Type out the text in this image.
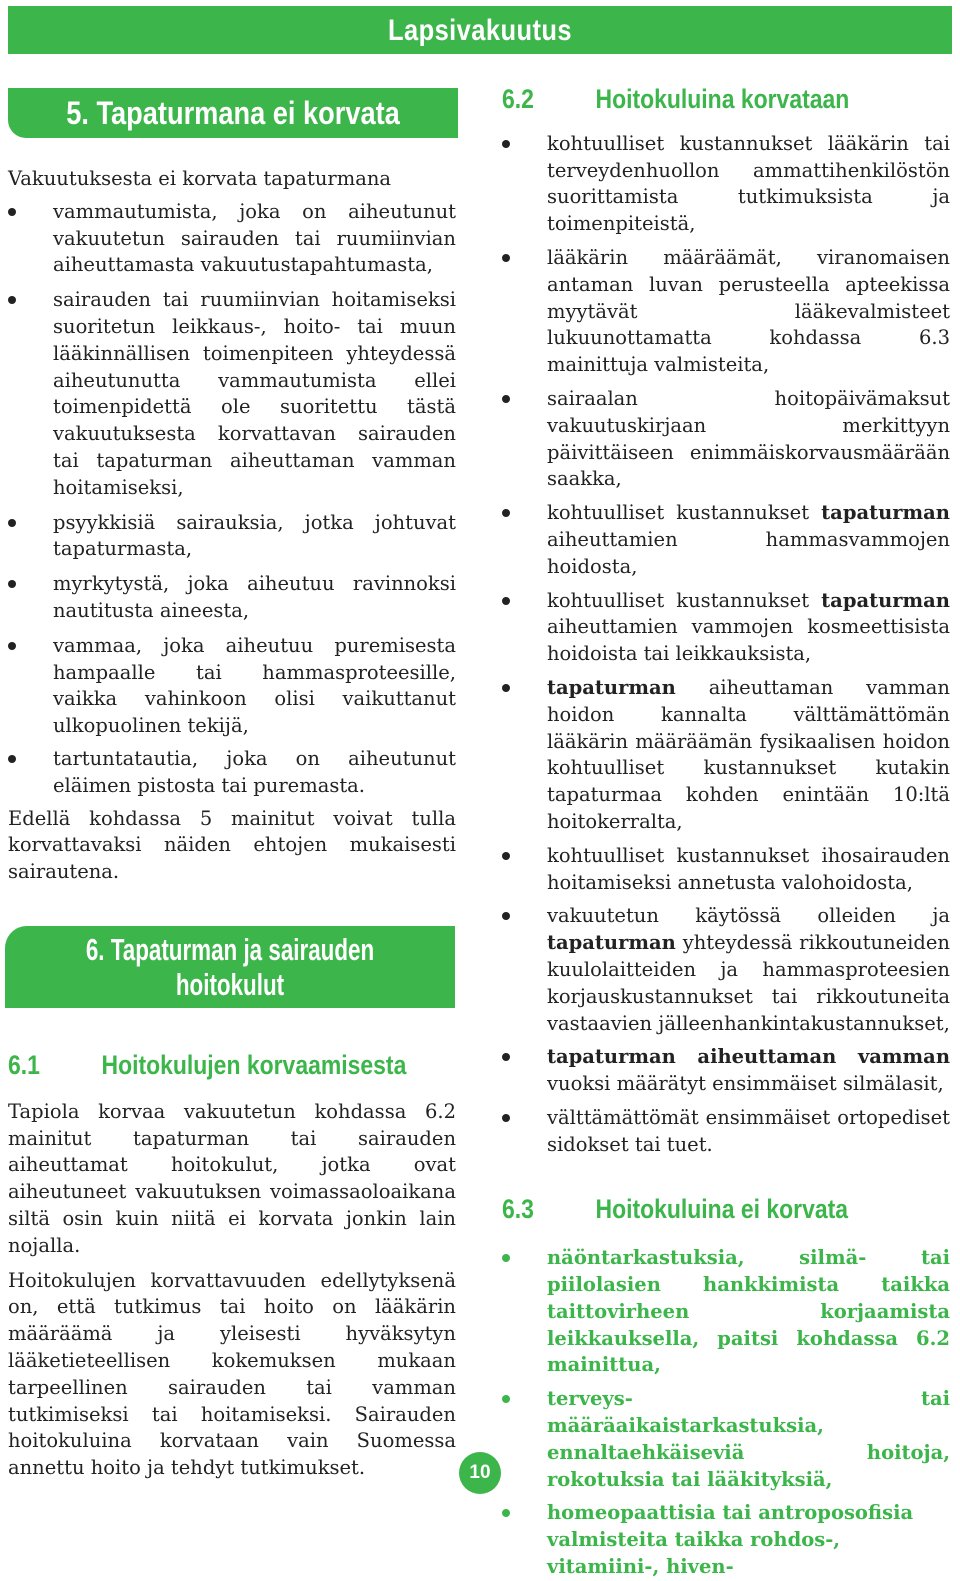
Lapsivakuutus
5. Tapaturmana ei korvata

Vakuutuksesta ei korvata tapaturmana

vammautumista, joka on aiheutunut vakuutetun sairauden tai ruumiinvian aiheuttamasta vakuutustapahtumasta,
sairauden tai ruumiinvian hoitamiseksi suoritetun leikkaus-, hoito- tai muun lääkinnällisen toimenpiteen yhteydessä aiheutunutta vammautumista ellei toimenpidettä ole suoritettu tästä vakuutuksesta korvattavan sairauden tai tapaturman aiheuttaman vamman hoitamiseksi,
psyykkisiä sairauksia, jotka johtuvat tapaturmasta,
myrkytystä, joka aiheutuu ravinnoksi nautitusta aineesta,
vammaa, joka aiheutuu puremisesta hampaalle tai hammasproteesille, vaikka vahinkoon olisi vaikuttanut ulkopuolinen tekijä,
tartuntatautia, joka on aiheutunut eläimen pistosta tai puremasta.

Edellä kohdassa 5 mainitut voivat tulla korvattavaksi näiden ehtojen mukaisesti sairautena.

6. Tapaturman ja sairauden
hoitokulut
6.1 Hoitokulujen korvaamisesta

Tapiola korvaa vakuutetun kohdassa 6.2 mainitut tapaturman tai sairauden aiheuttamat hoitokulut, jotka ovat aiheutuneet vakuutuksen voimassaoloaikana siltä osin kuin niitä ei korvata jonkin lain nojalla.

Hoitokulujen korvattavuuden edellytyksenä on, että tutkimus tai hoito on lääkärin määräämä ja yleisesti hyväksytyn lääketieteellisen kokemuksen mukaan tarpeellinen sairauden tai vamman tutkimiseksi tai hoitamiseksi. Sairauden hoitokuluina korvataan vain Suomessa annettu hoito ja tehdyt tutkimukset.

6.2 Hoitokuluina korvataan
kohtuulliset kustannukset lääkärin tai terveydenhuollon ammattihenkilöstön suorittamista tutkimuksista ja toimenpiteistä,
lääkärin määräämät, viranomaisen antaman luvan perusteella apteekissa myytävät lääkevalmisteet lukuunottamatta kohdassa 6.3 mainittuja valmisteita,
sairaalan hoitopäivämaksut vakuutuskirjaan merkittyyn päivittäiseen enimmäiskorvausmäärään saakka,
kohtuulliset kustannukset tapaturman aiheuttamien hammasvammojen hoidosta,
kohtuulliset kustannukset tapaturman aiheuttamien vammojen kosmeettisista hoidoista tai leikkauksista,
tapaturman aiheuttaman vamman hoidon kannalta välttämättömän lääkärin määräämän fysikaalisen hoidon kohtuulliset kustannukset kutakin tapaturmaa kohden enintään 10:ltä hoitokerralta,
kohtuulliset kustannukset ihosairauden hoitamiseksi annetusta valohoidosta,
vakuutetun käytössä olleiden ja tapaturman yhteydessä rikkoutuneiden kuulolaitteiden ja hammasproteesien korjauskustannukset tai rikkoutuneita vastaavien jälleenhankintakustannukset,
tapaturman aiheuttaman vamman vuoksi määrätyt ensimmäiset silmälasit,
välttämättömät ensimmäiset ortopediset sidokset tai tuet.
6.3 Hoitokuluina ei korvata
näöntarkastuksia, silmä- tai piilolasien hankkimista taikka taittovirheen korjaamista leikkauksella, paitsi kohdassa 6.2 mainittua,
terveys- tai määräaikaistarkastuksia, ennaltaehkäiseviä hoitoja, rokotuksia tai lääkityksiä,
homeopaattisia tai antroposofisia valmisteita taikka rohdos-, vitamiini-, hiven-
10
